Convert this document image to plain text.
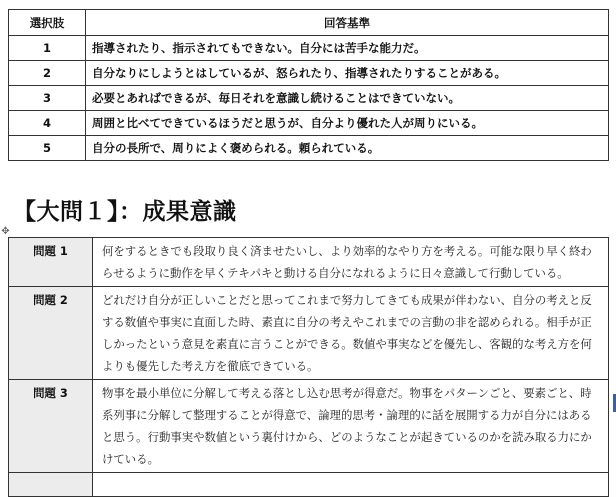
選択肢	回答基準
1	指導されたり、指示されてもできない。自分には苦手な能力だ。
2	自分なりにしようとはしているが、怒られたり、指導されたりすることがある。
3	必要とあればできるが、毎日それを意識し続けることはできていない。
4	周囲と比べてできているほうだと思うが、自分より優れた人が周りにいる。
5	自分の長所で、周りによく褒められる。頼られている。
【大問１】：成果意識
✥
問題 1	何をするときでも段取り良く済ませたいし、より効率的なやり方を考える。可能な限り早く終わらせるように動作を早くテキパキと動ける自分になれるように日々意識して行動している。
問題 2	どれだけ自分が正しいことだと思ってこれまで努力してきても成果が伴わない、自分の考えと反する数値や事実に直面した時、素直に自分の考えやこれまでの言動の非を認められる。相手が正しかったという意見を素直に言うことができる。数値や事実などを優先し、客観的な考え方を何よりも優先した考え方を徹底できている。
問題 3	物事を最小単位に分解して考える落とし込む思考が得意だ。物事をパターンごと、要素ごと、時系列事に分解して整理することが得意で、論理的思考・論理的に話を展開する力が自分にはあると思う。行動事実や数値という裏付けから、どのようなことが起きているのかを読み取る力にかけている。
